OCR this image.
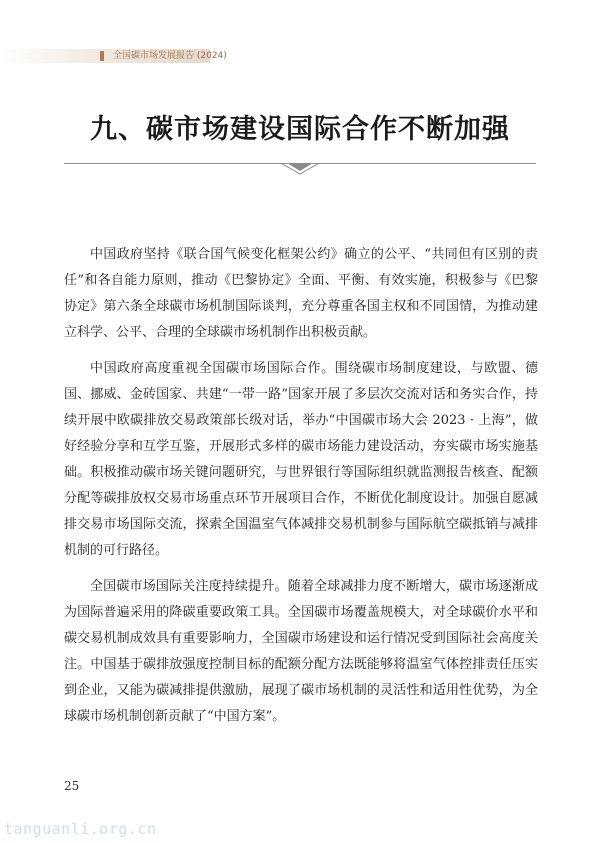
全国碳市场发展报告 (2024)
九、碳市场建设国际合作不断加强

中国政府坚持《联合国气候变化框架公约》确立的公平、“共同但有区别的责任”和各自能力原则，推动《巴黎协定》全面、平衡、有效实施，积极参与《巴黎协定》第六条全球碳市场机制国际谈判，充分尊重各国主权和不同国情，为推动建立科学、公平、合理的全球碳市场机制作出积极贡献。

中国政府高度重视全国碳市场国际合作。围绕碳市场制度建设，与欧盟、德国、挪威、金砖国家、共建“一带一路”国家开展了多层次交流对话和务实合作，持续开展中欧碳排放交易政策部长级对话，举办“中国碳市场大会 2023 · 上海”，做好经验分享和互学互鉴，开展形式多样的碳市场能力建设活动，夯实碳市场实施基础。积极推动碳市场关键问题研究，与世界银行等国际组织就监测报告核查、配额分配等碳排放权交易市场重点环节开展项目合作，不断优化制度设计。加强自愿减排交易市场国际交流，探索全国温室气体减排交易机制参与国际航空碳抵销与减排机制的可行路径。

全国碳市场国际关注度持续提升。随着全球减排力度不断增大，碳市场逐渐成为国际普遍采用的降碳重要政策工具。全国碳市场覆盖规模大，对全球碳价水平和碳交易机制成效具有重要影响力，全国碳市场建设和运行情况受到国际社会高度关注。中国基于碳排放强度控制目标的配额分配方法既能够将温室气体控排责任压实到企业，又能为碳减排提供激励，展现了碳市场机制的灵活性和适用性优势，为全球碳市场机制创新贡献了“中国方案”。

25
tanguanli.org.cn
